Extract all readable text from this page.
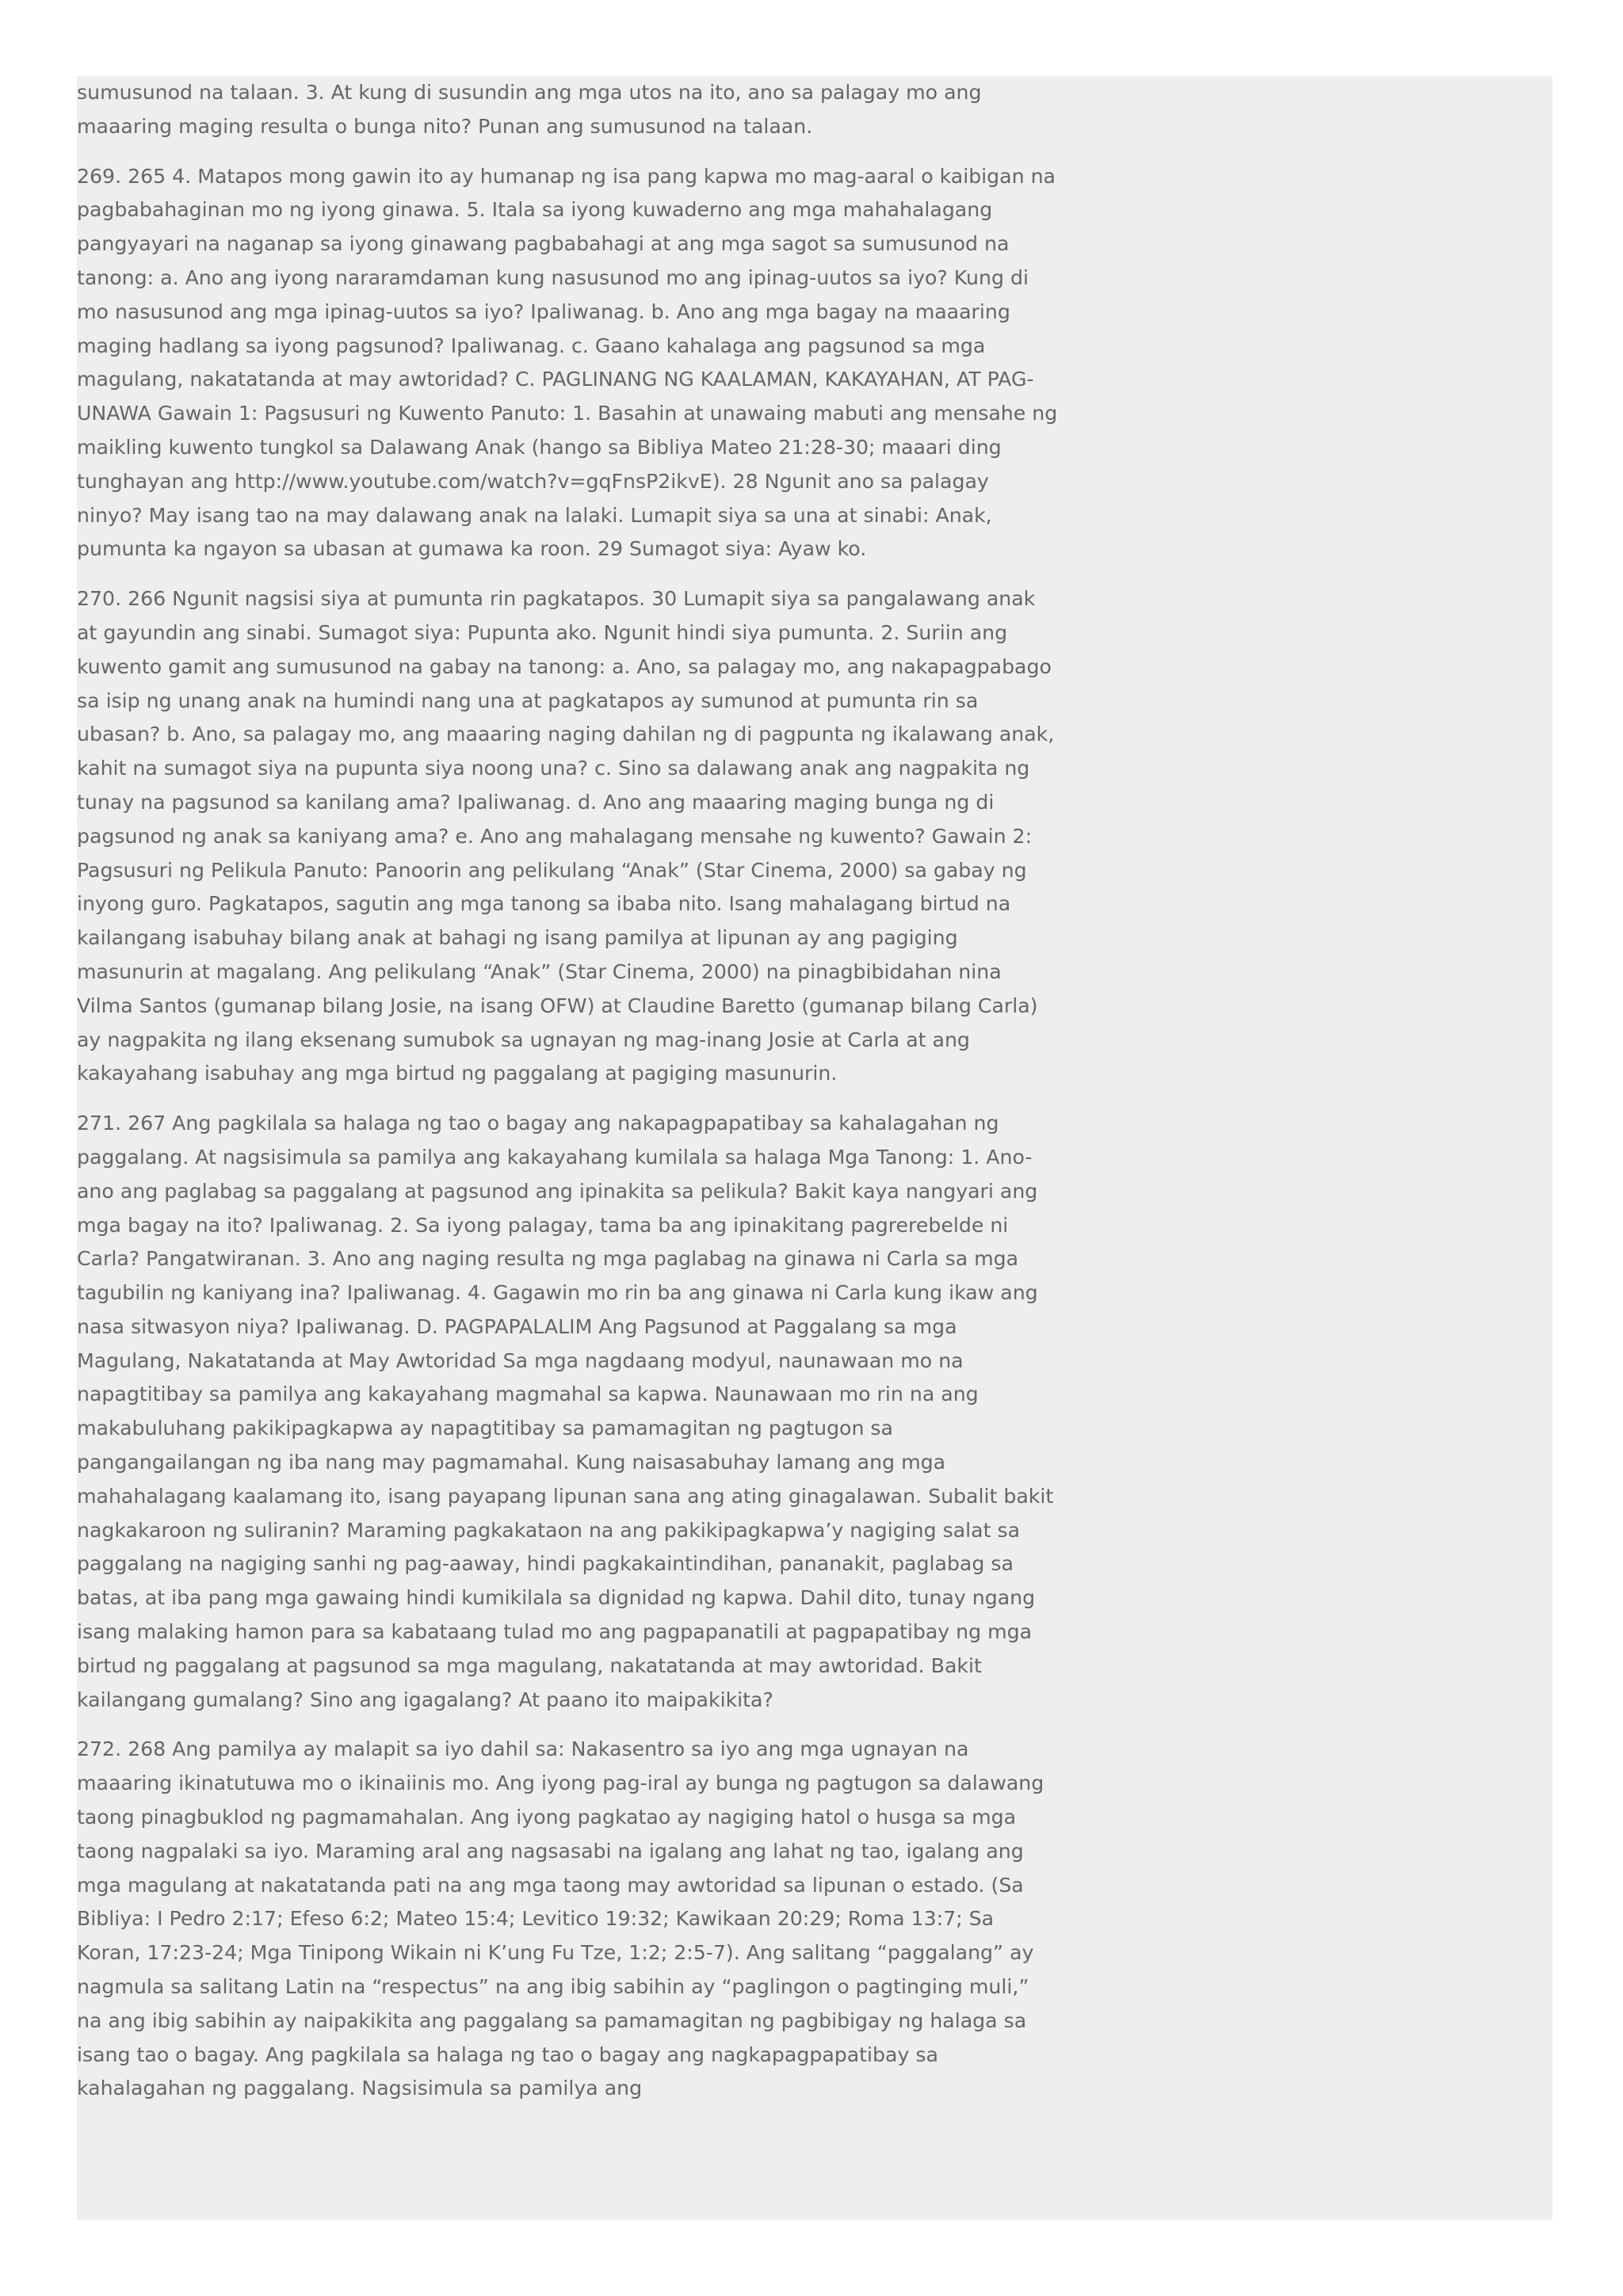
sumusunod na talaan. 3. At kung di susundin ang mga utos na ito, ano sa palagay mo ang maaaring maging resulta o bunga nito? Punan ang sumusunod na talaan.

269. 265 4. Matapos mong gawin ito ay humanap ng isa pang kapwa mo mag-aaral o kaibigan na pagbabahaginan mo ng iyong ginawa. 5. Itala sa iyong kuwaderno ang mga mahahalagang pangyayari na naganap sa iyong ginawang pagbabahagi at ang mga sagot sa sumusunod na tanong: a. Ano ang iyong nararamdaman kung nasusunod mo ang ipinag-uutos sa iyo? Kung di mo nasusunod ang mga ipinag-uutos sa iyo? Ipaliwanag. b. Ano ang mga bagay na maaaring maging hadlang sa iyong pagsunod? Ipaliwanag. c. Gaano kahalaga ang pagsunod sa mga magulang, nakatatanda at may awtoridad? C. PAGLINANG NG KAALAMAN, KAKAYAHAN, AT PAG-UNAWA Gawain 1: Pagsusuri ng Kuwento Panuto: 1. Basahin at unawaing mabuti ang mensahe ng maikling kuwento tungkol sa Dalawang Anak (hango sa Bibliya Mateo 21:28-30; maaari ding tunghayan ang http://www.youtube.com/watch?v=gqFnsP2ikvE). 28 Ngunit ano sa palagay ninyo? May isang tao na may dalawang anak na lalaki. Lumapit siya sa una at sinabi: Anak, pumunta ka ngayon sa ubasan at gumawa ka roon. 29 Sumagot siya: Ayaw ko.

270. 266 Ngunit nagsisi siya at pumunta rin pagkatapos. 30 Lumapit siya sa pangalawang anak at gayundin ang sinabi. Sumagot siya: Pupunta ako. Ngunit hindi siya pumunta. 2. Suriin ang kuwento gamit ang sumusunod na gabay na tanong: a. Ano, sa palagay mo, ang nakapagpabago sa isip ng unang anak na humindi nang una at pagkatapos ay sumunod at pumunta rin sa ubasan? b. Ano, sa palagay mo, ang maaaring naging dahilan ng di pagpunta ng ikalawang anak, kahit na sumagot siya na pupunta siya noong una? c. Sino sa dalawang anak ang nagpakita ng tunay na pagsunod sa kanilang ama? Ipaliwanag. d. Ano ang maaaring maging bunga ng di pagsunod ng anak sa kaniyang ama? e. Ano ang mahalagang mensahe ng kuwento? Gawain 2: Pagsusuri ng Pelikula Panuto: Panoorin ang pelikulang “Anak” (Star Cinema, 2000) sa gabay ng inyong guro. Pagkatapos, sagutin ang mga tanong sa ibaba nito. Isang mahalagang birtud na kailangang isabuhay bilang anak at bahagi ng isang pamilya at lipunan ay ang pagiging masunurin at magalang. Ang pelikulang “Anak” (Star Cinema, 2000) na pinagbibidahan nina Vilma Santos (gumanap bilang Josie, na isang OFW) at Claudine Baretto (gumanap bilang Carla) ay nagpakita ng ilang eksenang sumubok sa ugnayan ng mag-inang Josie at Carla at ang kakayahang isabuhay ang mga birtud ng paggalang at pagiging masunurin.

271. 267 Ang pagkilala sa halaga ng tao o bagay ang nakapagpapatibay sa kahalagahan ng paggalang. At nagsisimula sa pamilya ang kakayahang kumilala sa halaga Mga Tanong: 1. Ano-ano ang paglabag sa paggalang at pagsunod ang ipinakita sa pelikula? Bakit kaya nangyari ang mga bagay na ito? Ipaliwanag. 2. Sa iyong palagay, tama ba ang ipinakitang pagrerebelde ni Carla? Pangatwiranan. 3. Ano ang naging resulta ng mga paglabag na ginawa ni Carla sa mga tagubilin ng kaniyang ina? Ipaliwanag. 4. Gagawin mo rin ba ang ginawa ni Carla kung ikaw ang nasa sitwasyon niya? Ipaliwanag. D. PAGPAPALALIM Ang Pagsunod at Paggalang sa mga Magulang, Nakatatanda at May Awtoridad Sa mga nagdaang modyul, naunawaan mo na napagtitibay sa pamilya ang kakayahang magmahal sa kapwa. Naunawaan mo rin na ang makabuluhang pakikipagkapwa ay napagtitibay sa pamamagitan ng pagtugon sa pangangailangan ng iba nang may pagmamahal. Kung naisasabuhay lamang ang mga mahahalagang kaalamang ito, isang payapang lipunan sana ang ating ginagalawan. Subalit bakit nagkakaroon ng suliranin? Maraming pagkakataon na ang pakikipagkapwa’y nagiging salat sa paggalang na nagiging sanhi ng pag-aaway, hindi pagkakaintindihan, pananakit, paglabag sa batas, at iba pang mga gawaing hindi kumikilala sa dignidad ng kapwa. Dahil dito, tunay ngang isang malaking hamon para sa kabataang tulad mo ang pagpapanatili at pagpapatibay ng mga birtud ng paggalang at pagsunod sa mga magulang, nakatatanda at may awtoridad. Bakit kailangang gumalang? Sino ang igagalang? At paano ito maipakikita?

272. 268 Ang pamilya ay malapit sa iyo dahil sa: Nakasentro sa iyo ang mga ugnayan na maaaring ikinatutuwa mo o ikinaiinis mo. Ang iyong pag-iral ay bunga ng pagtugon sa dalawang taong pinagbuklod ng pagmamahalan. Ang iyong pagkatao ay nagiging hatol o husga sa mga taong nagpalaki sa iyo. Maraming aral ang nagsasabi na igalang ang lahat ng tao, igalang ang mga magulang at nakatatanda pati na ang mga taong may awtoridad sa lipunan o estado. (Sa Bibliya: I Pedro 2:17; Efeso 6:2; Mateo 15:4; Levitico 19:32; Kawikaan 20:29; Roma 13:7; Sa Koran, 17:23-24; Mga Tinipong Wikain ni K’ung Fu Tze, 1:2; 2:5-7). Ang salitang “paggalang” ay nagmula sa salitang Latin na “respectus” na ang ibig sabihin ay “paglingon o pagtinging muli,” na ang ibig sabihin ay naipakikita ang paggalang sa pamamagitan ng pagbibigay ng halaga sa isang tao o bagay. Ang pagkilala sa halaga ng tao o bagay ang nagkapagpapatibay sa kahalagahan ng paggalang. Nagsisimula sa pamilya ang
